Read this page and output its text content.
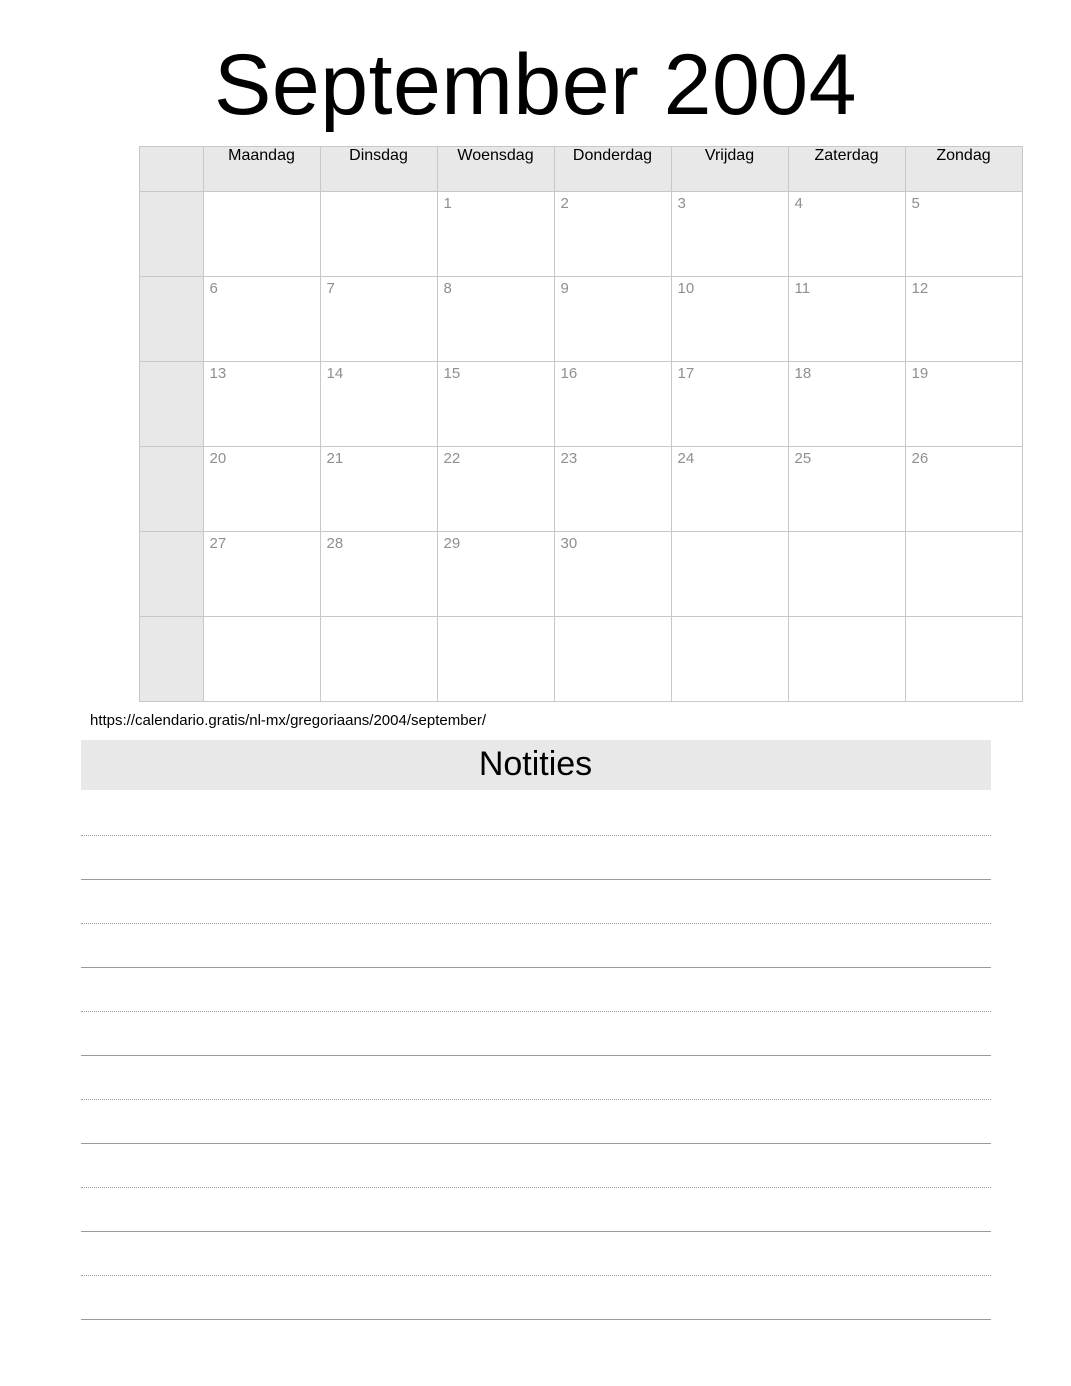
September 2004
	Maandag	Dinsdag	Woensdag	Donderdag	Vrijdag	Zaterdag	Zondag

			1	2	3	4	5

	6	7	8	9	10	11	12

	13	14	15	16	17	18	19

	20	21	22	23	24	25	26

	27	28	29	30			

https://calendario.gratis/nl-mx/gregoriaans/2004/september/
Notities
